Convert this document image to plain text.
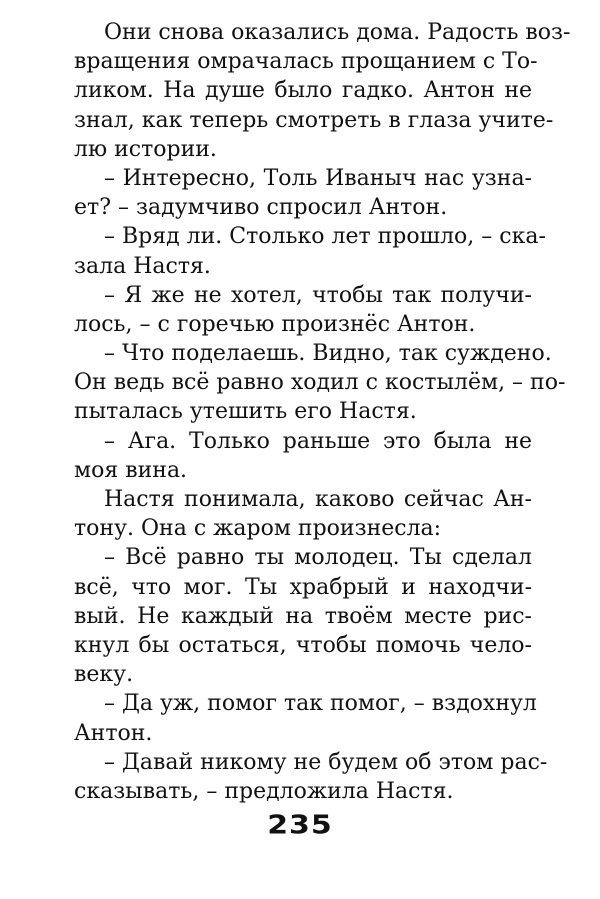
Они снова оказались дома. Радость воз-
вращения омрачалась прощанием с То-
ликом. На душе было гадко. Антон не
знал, как теперь смотреть в глаза учите-
лю истории.
– Интересно, Толь Иваныч нас узна-
ет? – задумчиво спросил Антон.
– Вряд ли. Столько лет прошло, – ска-
зала Настя.
– Я же не хотел, чтобы так получи-
лось, – с горечью произнёс Антон.
– Что поделаешь. Видно, так суждено.
Он ведь всё равно ходил с костылём, – по-
пыталась утешить его Настя.
– Ага. Только раньше это была не
моя вина.
Настя понимала, каково сейчас Ан-
тону. Она с жаром произнесла:
– Всё равно ты молодец. Ты сделал
всё, что мог. Ты храбрый и находчи-
вый. Не каждый на твоём месте рис-
кнул бы остаться, чтобы помочь чело-
веку.
– Да уж, помог так помог, – вздохнул
Антон.
– Давай никому не будем об этом рас-
сказывать, – предложила Настя.
235
